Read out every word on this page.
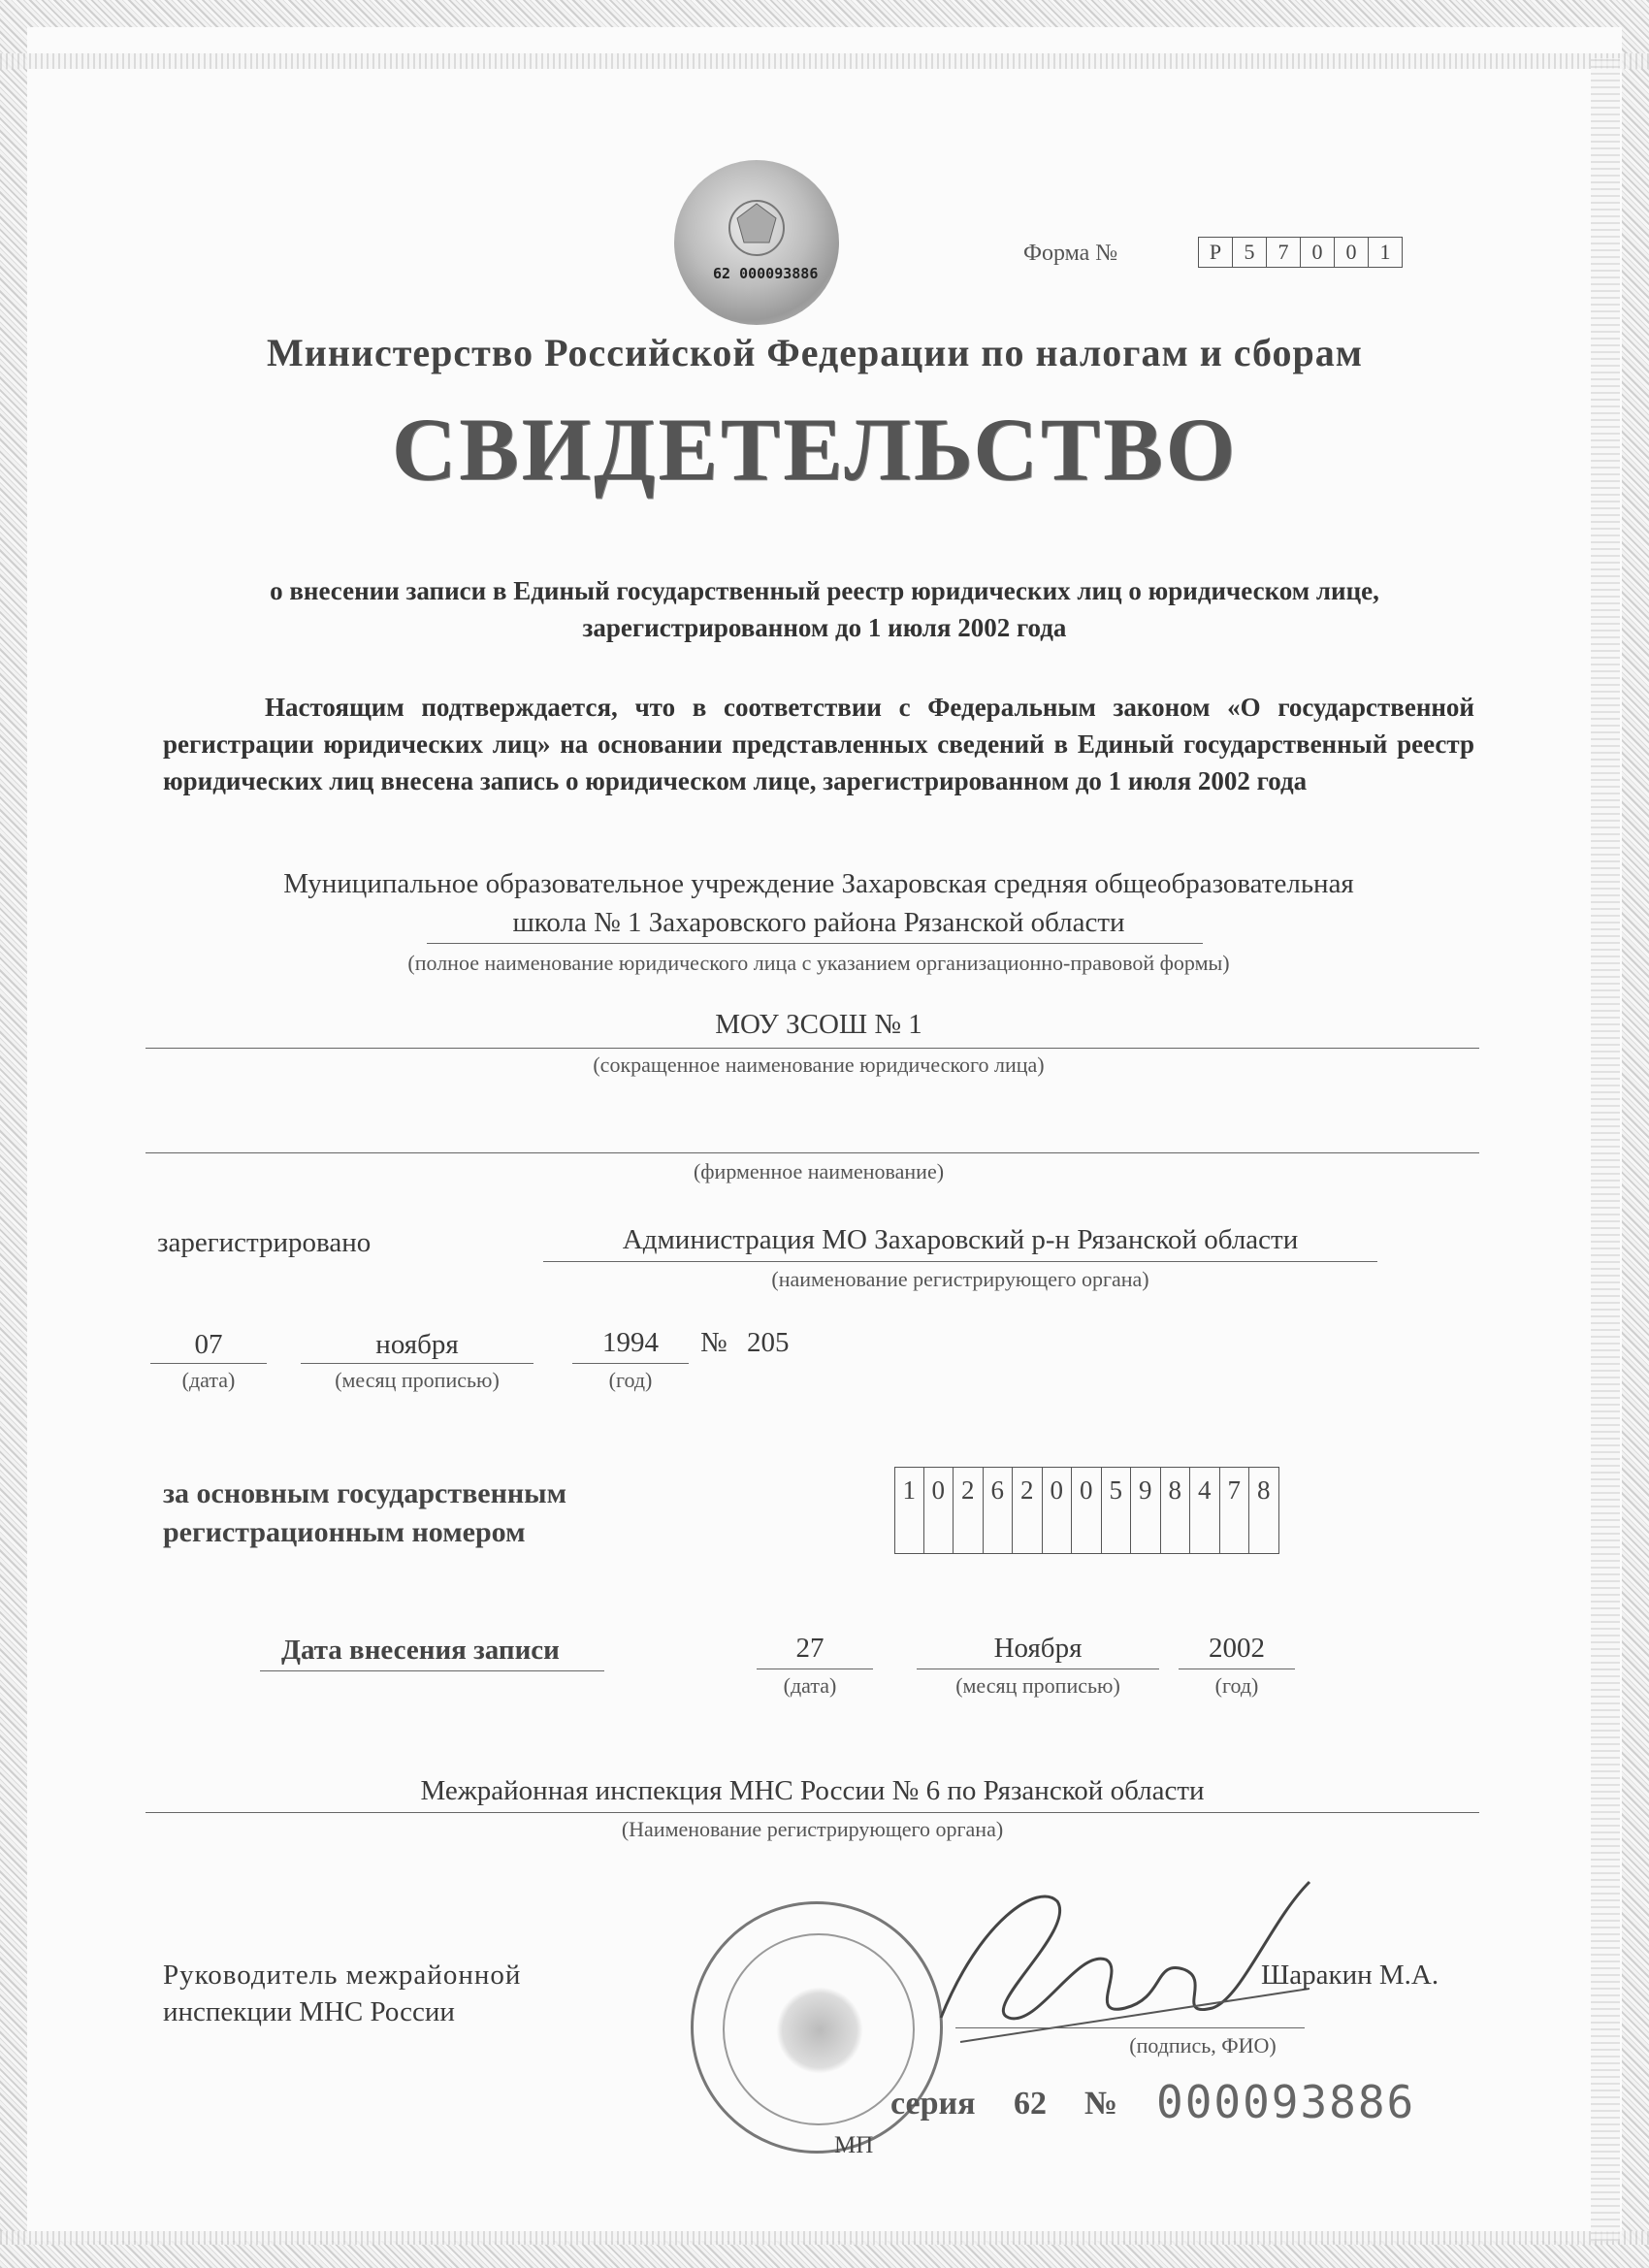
62 000093886
Форма №	Р	5	7	0	0	1
Министерство Российской Федерации по налогам и сборам
СВИДЕТЕЛЬСТВО
о внесении записи в Единый государственный реестр юридических лиц о юридическом лице, зарегистрированном до 1 июля 2002 года
Настоящим подтверждается, что в соответствии с Федеральным законом «О государственной регистрации юридических лиц» на основании представленных сведений в Единый государственный реестр юридических лиц внесена запись о юридическом лице, зарегистрированном до 1 июля 2002 года
Муниципальное образовательное учреждение Захаровская средняя общеобразовательная
школа № 1 Захаровского района Рязанской области
(полное наименование юридического лица с указанием организационно-правовой формы)
МОУ ЗСОШ № 1
(сокращенное наименование юридического лица)
(фирменное наименование)
зарегистрировано	Администрация МО Захаровский р-н Рязанской области
(наименование регистрирующего органа)
07
(дата)
ноября
(месяц прописью)
1994
(год)
№ 205
за основным государственным
регистрационным номером
1 0 2 6 2 0 0 5 9 8 4 7 8
Дата внесения записи	27
(дата)
Ноября
(месяц прописью)
2002
(год)
Межрайонная инспекция МНС России № 6 по Рязанской области
(Наименование регистрирующего органа)
Руководитель межрайонной
инспекции МНС России
Шаракин М.А.
(подпись, ФИО)
МП
серия 62 № 000093886
